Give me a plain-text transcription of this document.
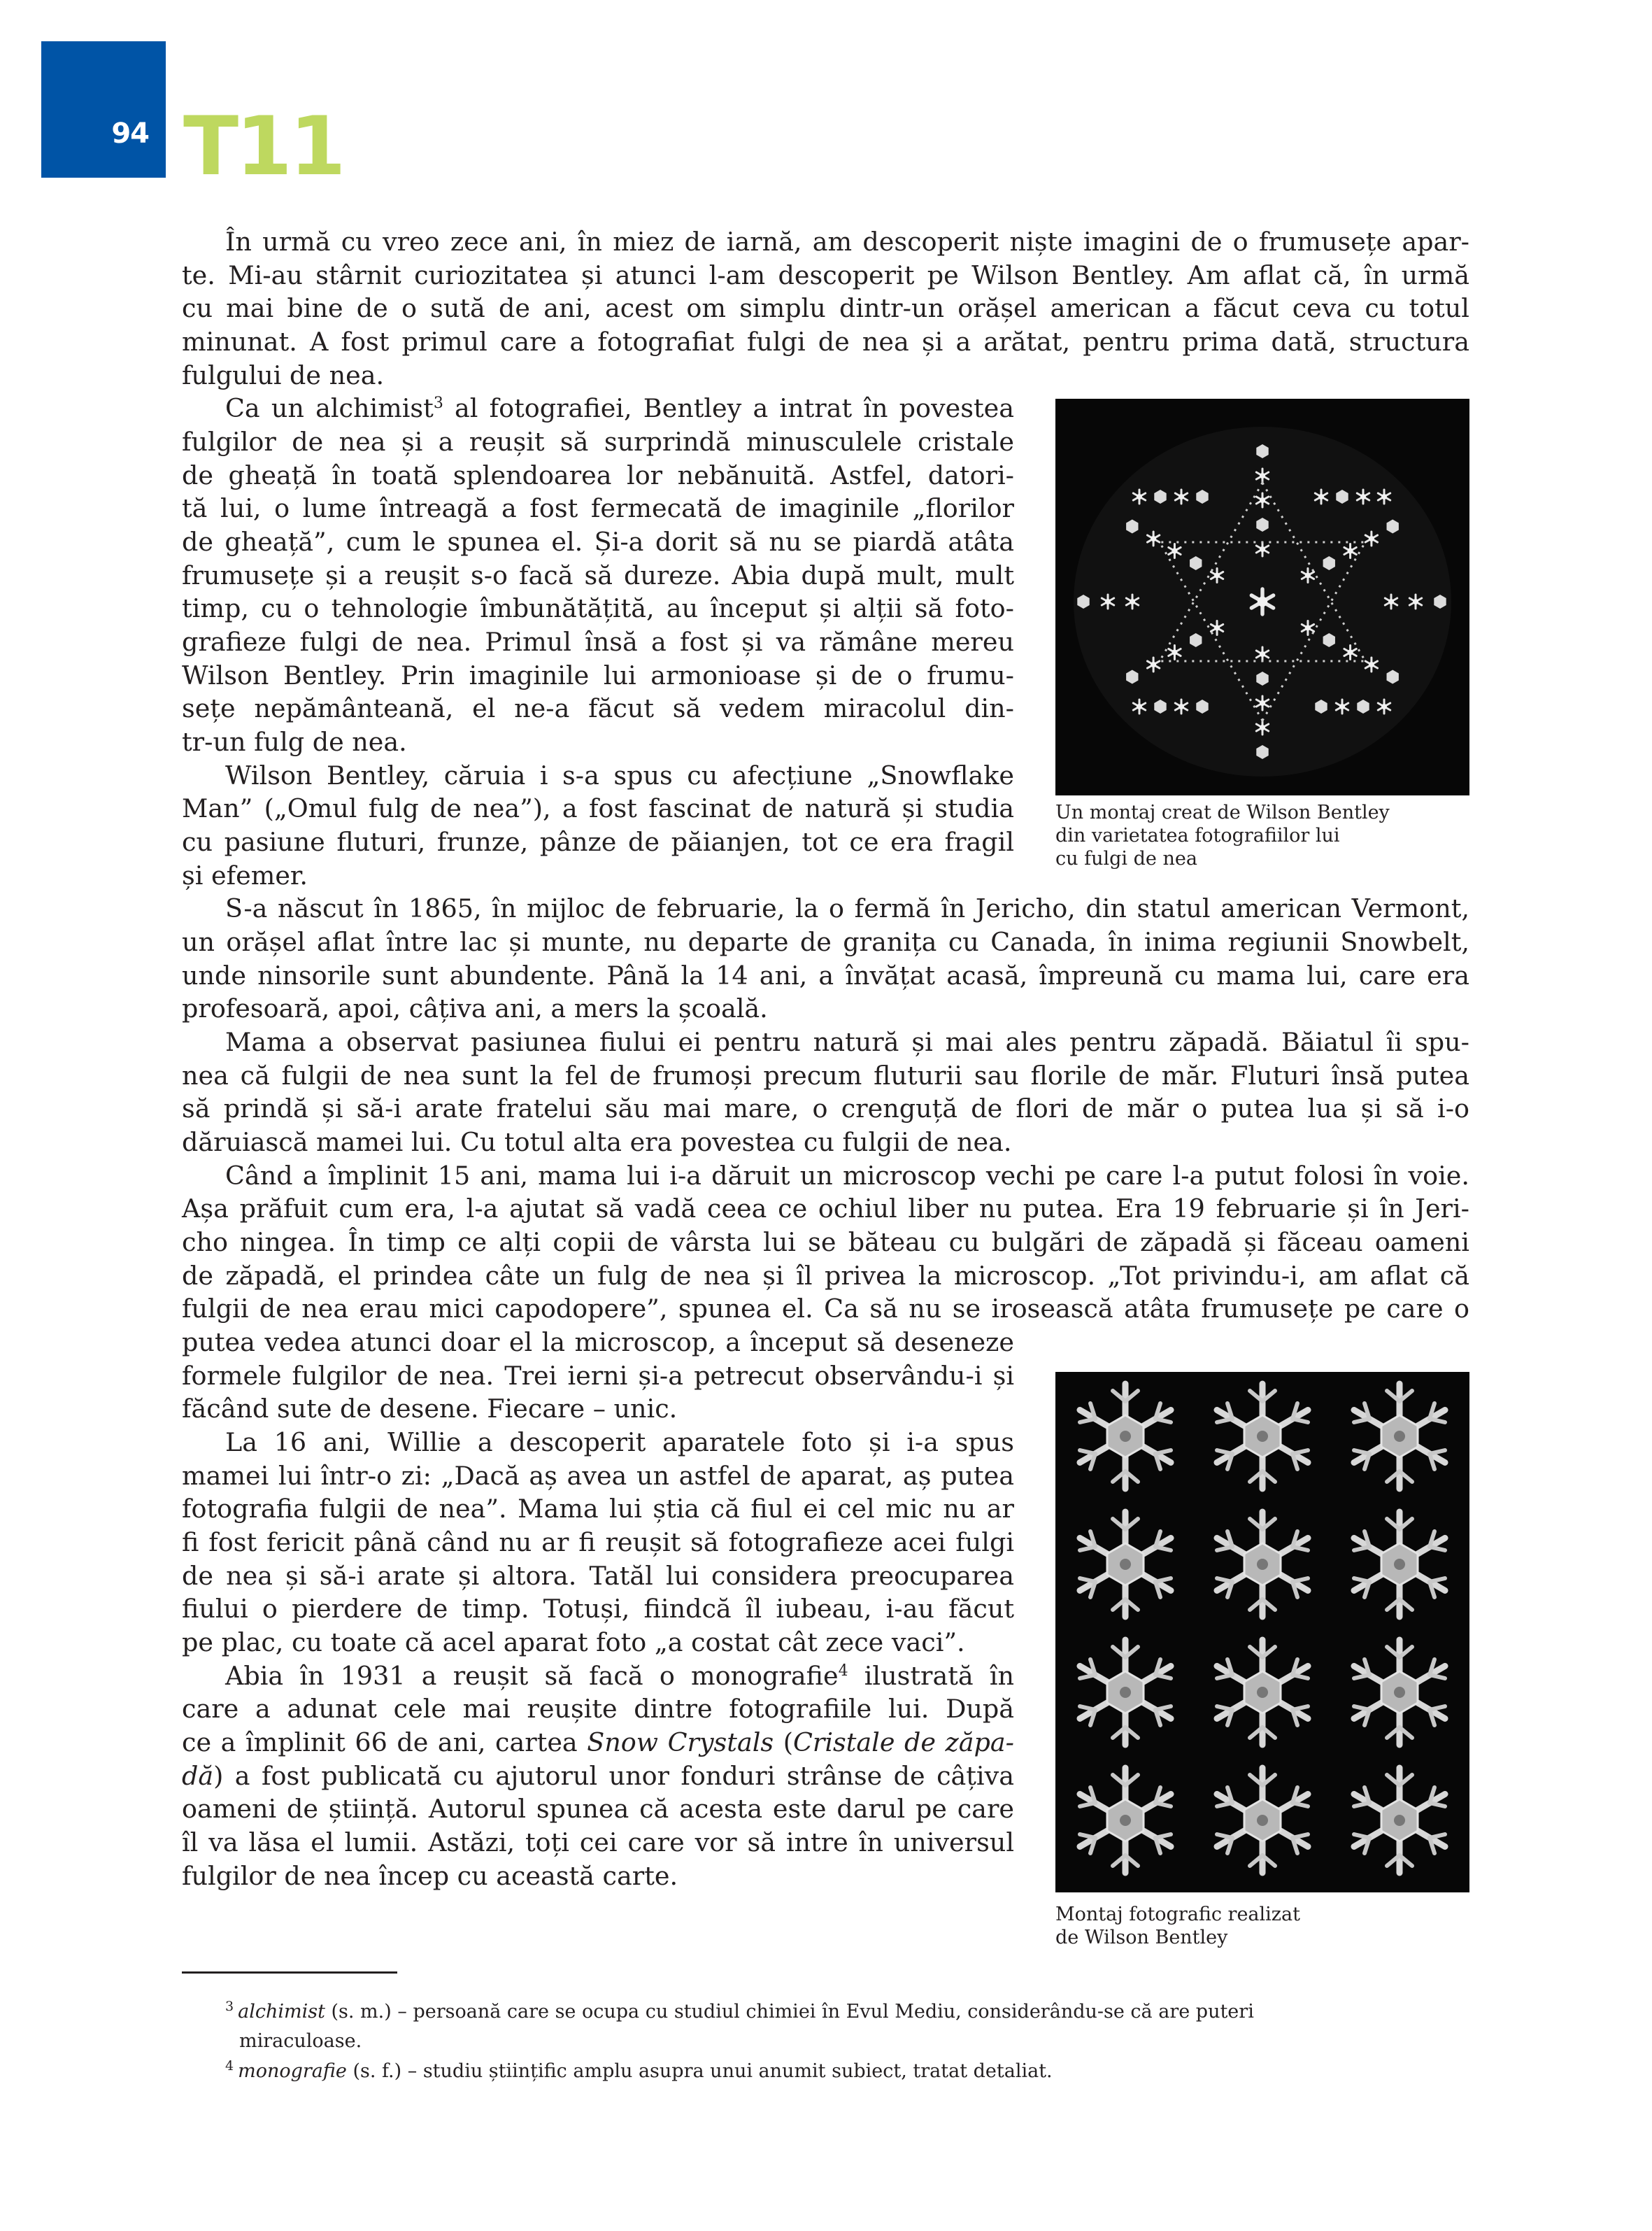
94 T11
În urmă cu vreo zece ani, în miez de iarnă, am descoperit niște imagini de o frumusețe apar-
te. Mi-au stârnit curiozitatea și atunci l-am descoperit pe Wilson Bentley. Am aflat că, în urmă
cu mai bine de o sută de ani, acest om simplu dintr-un orășel american a făcut ceva cu totul
minunat. A fost primul care a fotografiat fulgi de nea și a arătat, pentru prima dată, structura
fulgului de nea.
Ca un alchimist$^3$ al fotografiei, Bentley a intrat în povestea
fulgilor de nea și a reușit să surprindă minusculele cristale
de gheață în toată splendoarea lor nebănuită. Astfel, datori-
tă lui, o lume întreagă a fost fermecată de imaginile „florilor
de gheață”, cum le spunea el. Și-a dorit să nu se piardă atâta
frumusețe și a reușit s-o facă să dureze. Abia după mult, mult
timp, cu o tehnologie îmbunătățită, au început și alții să foto-
grafieze fulgi de nea. Primul însă a fost și va rămâne mereu
Wilson Bentley. Prin imaginile lui armonioase și de o frumu-
sețe nepământeană, el ne-a făcut să vedem miracolul din-
tr-un fulg de nea.
Wilson Bentley, căruia i s-a spus cu afecțiune „Snowflake
Man” („Omul fulg de nea”), a fost fascinat de natură și studia
cu pasiune fluturi, frunze, pânze de păianjen, tot ce era fragil
și efemer.
S-a născut în 1865, în mijloc de februarie, la o fermă în Jericho, din statul american Vermont,
un orășel aflat între lac și munte, nu departe de granița cu Canada, în inima regiunii Snowbelt,
unde ninsorile sunt abundente. Până la 14 ani, a învățat acasă, împreună cu mama lui, care era
profesoară, apoi, câțiva ani, a mers la școală.
Mama a observat pasiunea fiului ei pentru natură și mai ales pentru zăpadă. Băiatul îi spu-
nea că fulgii de nea sunt la fel de frumoși precum fluturii sau florile de măr. Fluturi însă putea
să prindă și să-i arate fratelui său mai mare, o crenguță de flori de măr o putea lua și să i-o
dăruiască mamei lui. Cu totul alta era povestea cu fulgii de nea.
Când a împlinit 15 ani, mama lui i-a dăruit un microscop vechi pe care l-a putut folosi în voie.
Așa prăfuit cum era, l-a ajutat să vadă ceea ce ochiul liber nu putea. Era 19 februarie și în Jeri-
cho ningea. În timp ce alți copii de vârsta lui se băteau cu bulgări de zăpadă și făceau oameni
de zăpadă, el prindea câte un fulg de nea și îl privea la microscop. „Tot privindu-i, am aflat că
fulgii de nea erau mici capodopere”, spunea el. Ca să nu se irosească atâta frumusețe pe care o
putea vedea atunci doar el la microscop, a început să deseneze
formele fulgilor de nea. Trei ierni și-a petrecut observându-i și
făcând sute de desene. Fiecare – unic.
La 16 ani, Willie a descoperit aparatele foto și i-a spus
mamei lui într-o zi: „Dacă aș avea un astfel de aparat, aș putea
fotografia fulgii de nea”. Mama lui știa că fiul ei cel mic nu ar
fi fost fericit până când nu ar fi reușit să fotografieze acei fulgi
de nea și să-i arate și altora. Tatăl lui considera preocuparea
fiului o pierdere de timp. Totuși, fiindcă îl iubeau, i-au făcut
pe plac, cu toate că acel aparat foto „a costat cât zece vaci”.
Abia în 1931 a reușit să facă o monografie$^4$ ilustrată în
care a adunat cele mai reușite dintre fotografiile lui. După
ce a împlinit 66 de ani, cartea Snow Crystals (Cristale de zăpa-
dă) a fost publicată cu ajutorul unor fonduri strânse de câțiva
oameni de știință. Autorul spunea că acesta este darul pe care
îl va lăsa el lumii. Astăzi, toți cei care vor să intre în universul
fulgilor de nea încep cu această carte.
Un montaj creat de Wilson Bentley
din varietatea fotografiilor lui
cu fulgi de nea
Montaj fotografic realizat
de Wilson Bentley
$^3$ alchimist (s. m.) – persoană care se ocupa cu studiul chimiei în Evul Mediu, considerându-se că are puteri
miraculoase.
$^4$ monografie (s. f.) – studiu științific amplu asupra unui anumit subiect, tratat detaliat.
